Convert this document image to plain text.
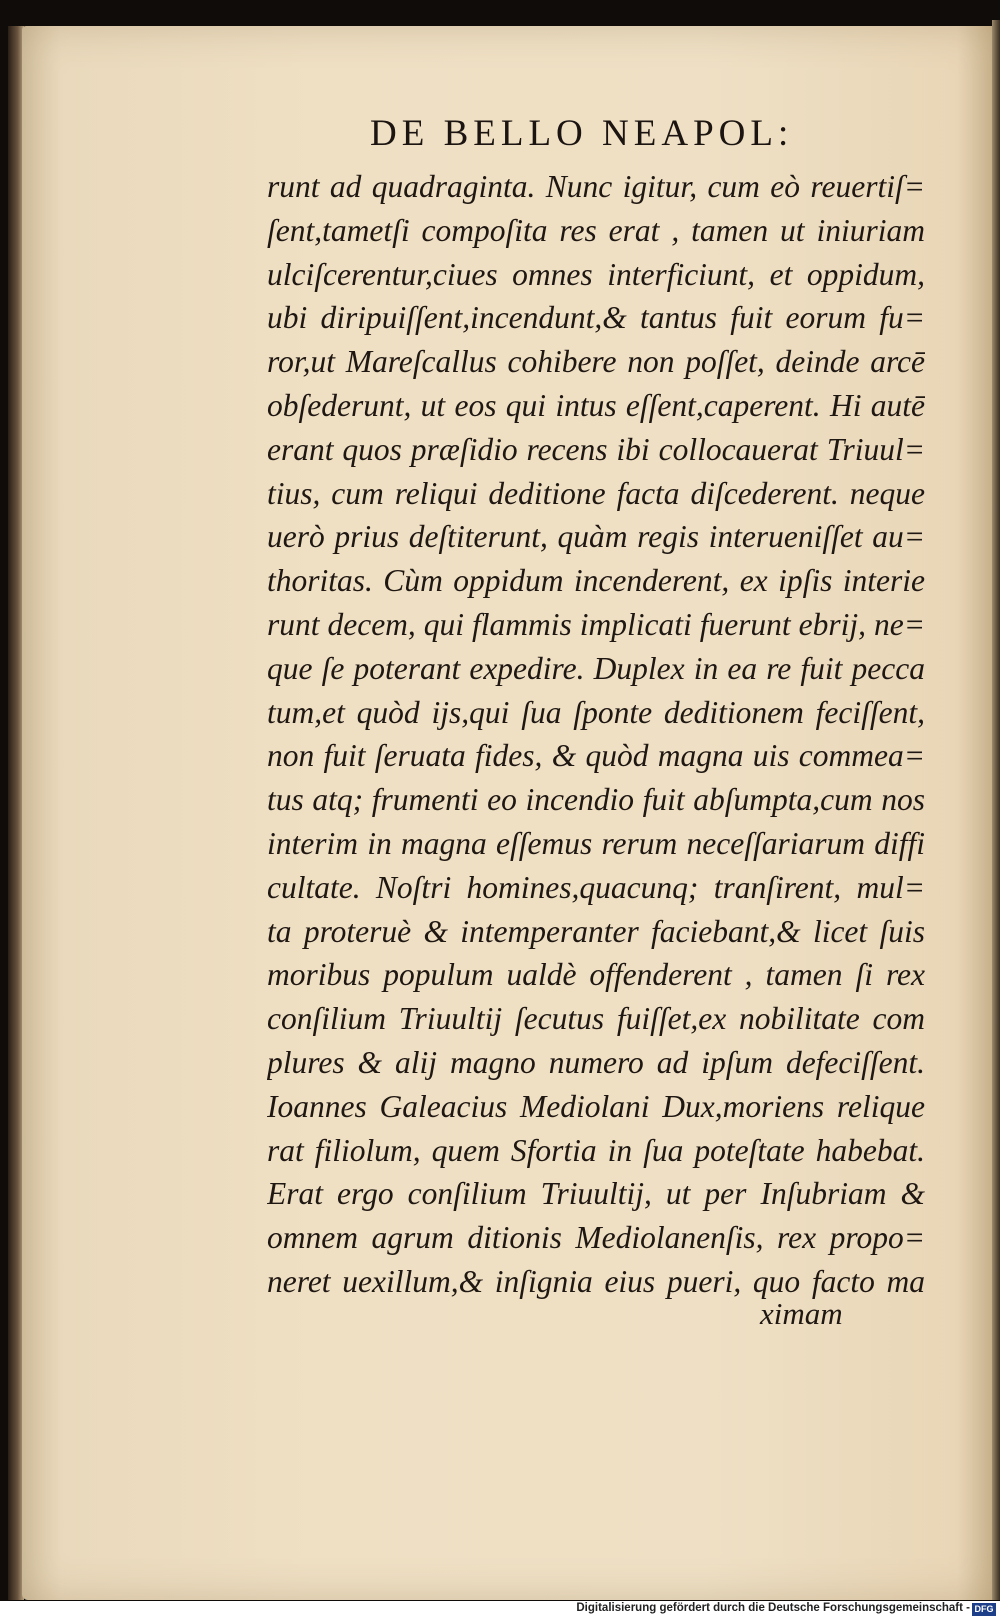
DE BELLO NEAPOL:
runt ad quadraginta. Nunc igitur, cum eò reuertiſ=
ſent,tametſi compoſita res erat , tamen ut iniuriam
ulciſcerentur,ciues omnes interficiunt, et oppidum,
ubi diripuiſſent,incendunt,& tantus fuit eorum fu=
ror,ut Mareſcallus cohibere non poſſet, deinde arcē
obſederunt, ut eos qui intus eſſent,caperent. Hi autē
erant quos præſidio recens ibi collocauerat Triuul=
tius, cum reliqui deditione facta diſcederent. neque
uerò prius deſtiterunt, quàm regis interueniſſet au=
thoritas. Cùm oppidum incenderent, ex ipſis interie
runt decem, qui flammis implicati fuerunt ebrij, ne=
que ſe poterant expedire. Duplex in ea re fuit pecca
tum,et quòd ijs,qui ſua ſponte deditionem feciſſent,
non fuit ſeruata fides, & quòd magna uis commea=
tus atq; frumenti eo incendio fuit abſumpta,cum nos
interim in magna eſſemus rerum neceſſariarum diffi
cultate. Noſtri homines,quacunq; tranſirent, mul=
ta proteruè & intemperanter faciebant,& licet ſuis
moribus populum ualdè offenderent , tamen ſi rex
conſilium Triuultij ſecutus fuiſſet,ex nobilitate com
plures & alij magno numero ad ipſum defeciſſent.
Ioannes Galeacius Mediolani Dux,moriens relique
rat filiolum, quem Sfortia in ſua poteſtate habebat.
Erat ergo conſilium Triuultij, ut per Inſubriam &
omnem agrum ditionis Mediolanenſis, rex propo=
neret uexillum,& inſignia eius pueri, quo facto ma
ximam
Digitalisierung gefördert durch die Deutsche Forschungsgemeinschaft - DFG
